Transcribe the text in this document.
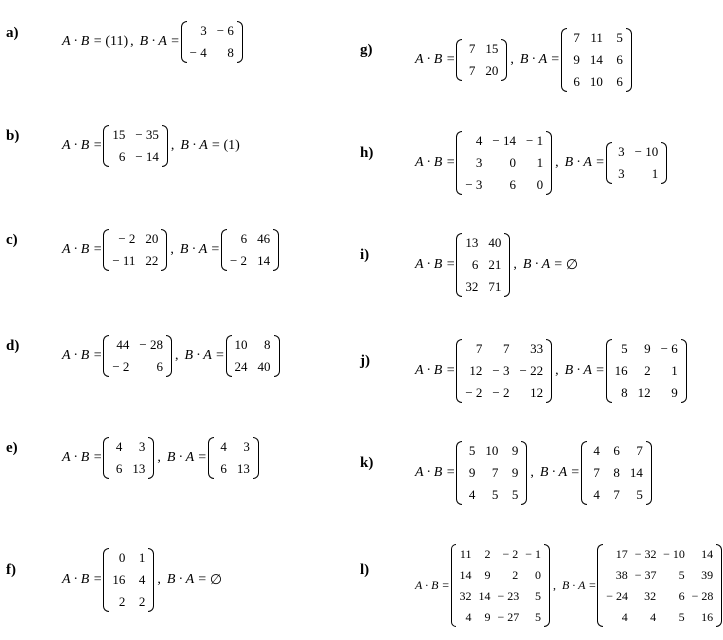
a)
A · B = (11) , B · A =
3 − 6
− 4	8
b)
A · B =
15 − 35
6 − 14
, B · A = (1)
c)
A · B =
− 2 20
− 11 22
, B · A =
6 46
− 2 14
d)
A · B =
44 − 28
− 2	6
, B · A =
10	8
24 40
e)
A · B =
4	3
6 13
, B · A =
4	3
6 13
f)
A · B =
0 1
16 4
2 2
, B · A = ∅
g)
A · B =
7 15
7 20
, B · A =
7 11 5
9 14 6
6 10 6
h)
A · B =
4 − 14 − 1
3	0	1
− 3	6	0
, B · A =
3 − 10
3	1
i)
A · B =
13 40
6 21
32 71
, B · A = ∅
j)
A · B =
7	7	33
12 − 3 − 22
− 2 − 2	12
, B · A =
5	9 − 6
16	2	1
8 12	9
k)
A · B =
5 10 9
9	7 9
4	5 5
, B · A =
4 6	7
7 8 14
4 7	5
l)
A · B =
11	2 − 2 − 1
14	9	2	0
32 14 − 23	5
4	9 − 27	5
, B · A =
17 − 32 − 10	14
38 − 37	5	39
− 24	32	6 − 28
4	4	5	16
